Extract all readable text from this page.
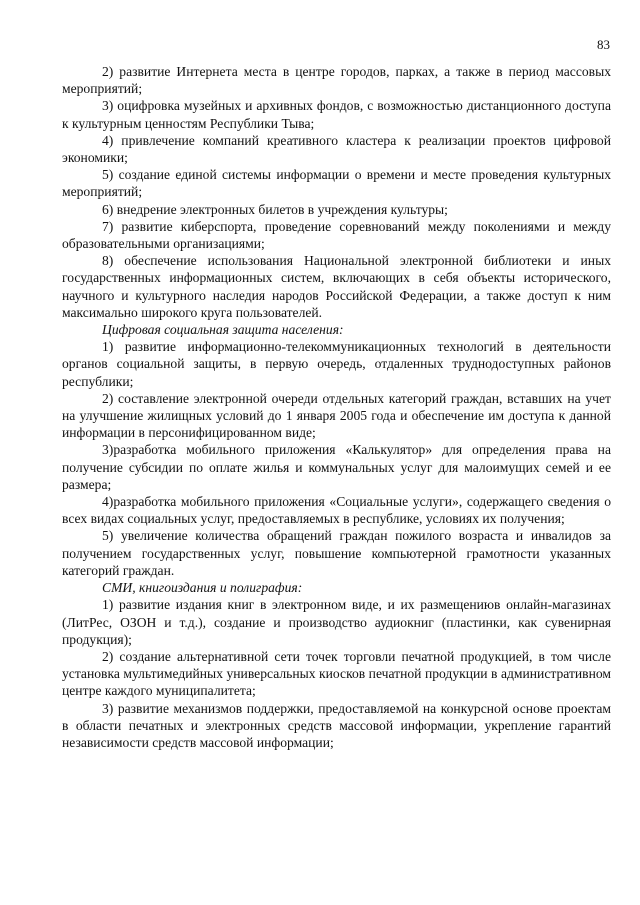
83

2) развитие Интернета места в центре городов, парках, а также в период массовых мероприятий;

3) оцифровка музейных и архивных фондов, с возможностью дистанционного доступа к культурным ценностям Республики Тыва;

4) привлечение компаний креативного кластера к реализации проектов цифровой экономики;

5) создание единой системы информации о времени и месте проведения культурных мероприятий;

6) внедрение электронных билетов в учреждения культуры;

7) развитие киберспорта, проведение соревнований между поколениями и между образовательными организациями;

8) обеспечение использования Национальной электронной библиотеки и иных государственных информационных систем, включающих в себя объекты исторического, научного и культурного наследия народов Российской Федерации, а также доступ к ним максимально широкого круга пользователей.

Цифровая социальная защита населения:

1) развитие информационно-телекоммуникационных технологий в деятельности органов социальной защиты, в первую очередь, отдаленных труднодоступных районов республики;

2) составление электронной очереди отдельных категорий граждан, вставших на учет на улучшение жилищных условий до 1 января 2005 года и обеспечение им доступа к данной информации в персонифицированном виде;

3)разработка мобильного приложения «Калькулятор» для определения права на получение субсидии по оплате жилья и коммунальных услуг для малоимущих семей и ее размера;

4)разработка мобильного приложения «Социальные услуги», содержащего сведения о всех видах социальных услуг, предоставляемых в республике, условиях их получения;

5) увеличение количества обращений граждан пожилого возраста и инвалидов за получением государственных услуг, повышение компьютерной грамотности указанных категорий граждан.

СМИ, книгоиздания и полиграфия:

1) развитие издания книг в электронном виде, и их размещениюв онлайн-магазинах (ЛитРес, ОЗОН и т.д.), создание и производство аудиокниг (пластинки, как сувенирная продукция);

2) создание альтернативной сети точек торговли печатной продукцией, в том числе установка мультимедийных универсальных киосков печатной продукции в административном центре каждого муниципалитета;

3) развитие механизмов поддержки, предоставляемой на конкурсной основе проектам в области печатных и электронных средств массовой информации, укрепление гарантий независимости средств массовой информации;
